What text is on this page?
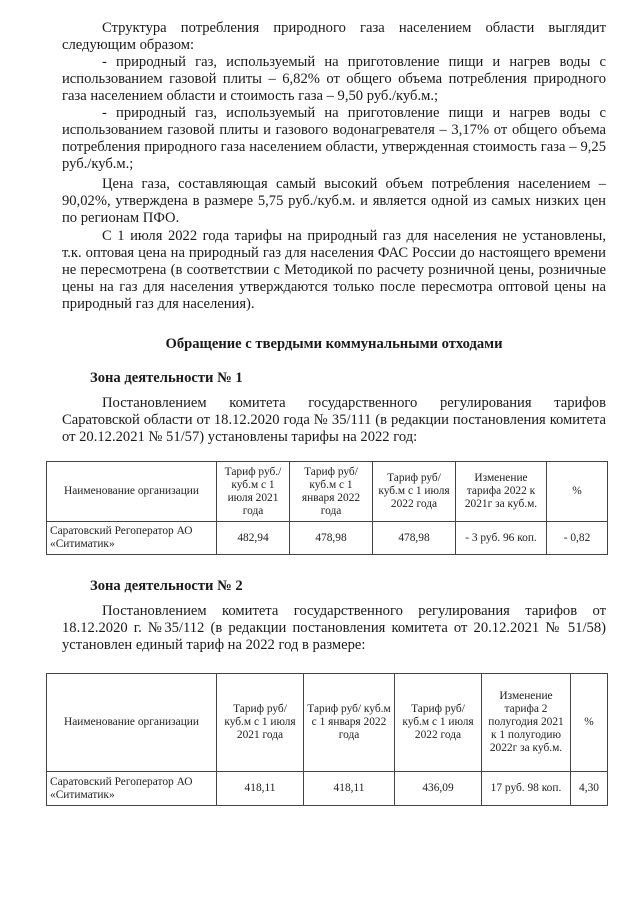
Структура потребления природного газа населением области выглядит следующим образом:

- природный газ, используемый на приготовление пищи и нагрев воды с использованием газовой плиты – 6,82% от общего объема потребления природного газа населением области и стоимость газа – 9,50 руб./куб.м.;

- природный газ, используемый на приготовление пищи и нагрев воды с использованием газовой плиты и газового водонагревателя – 3,17% от общего объема потребления природного газа населением области, утвержденная стоимость газа – 9,25 руб./куб.м.;

Цена газа, составляющая самый высокий объем потребления населением – 90,02%, утверждена в размере 5,75 руб./куб.м. и является одной из самых низких цен по регионам ПФО.

С 1 июля 2022 года тарифы на природный газ для населения не установлены, т.к. оптовая цена на природный газ для населения ФАС России до настоящего времени не пересмотрена (в соответствии с Методикой по расчету розничной цены, розничные цены на газ для населения утверждаются только после пересмотра оптовой цены на природный газ для населения).

Обращение с твердыми коммунальными отходами

Зона деятельности № 1

Постановлением комитета государственного регулирования тарифов Саратовской области от 18.12.2020 года № 35/111 (в редакции постановления комитета от 20.12.2021 № 51/57) установлены тарифы на 2022 год:

Наименование организации	Тариф руб./ куб.м с 1 июля 2021 года	Тариф руб/ куб.м с 1 января 2022 года	Тариф руб/ куб.м с 1 июля 2022 года	Изменение тарифа 2022 к 2021г за куб.м.	%
Саратовский Регоператор АО «Ситиматик»	482,94	478,98	478,98	- 3 руб. 96 коп.	- 0,82

Зона деятельности № 2

Постановлением комитета государственного регулирования тарифов от 18.12.2020 г. №35/112 (в редакции постановления комитета от 20.12.2021 № 51/58) установлен единый тариф на 2022 год в размере:

Наименование организации	Тариф руб/ куб.м с 1 июля 2021 года	Тариф руб/ куб.м с 1 января 2022 года	Тариф руб/ куб.м с 1 июля 2022 года	Изменение тарифа 2 полугодия 2021 к 1 полугодию 2022г за куб.м.	%
Саратовский Регоператор АО «Ситиматик»	418,11	418,11	436,09	17 руб. 98 коп.	4,30
